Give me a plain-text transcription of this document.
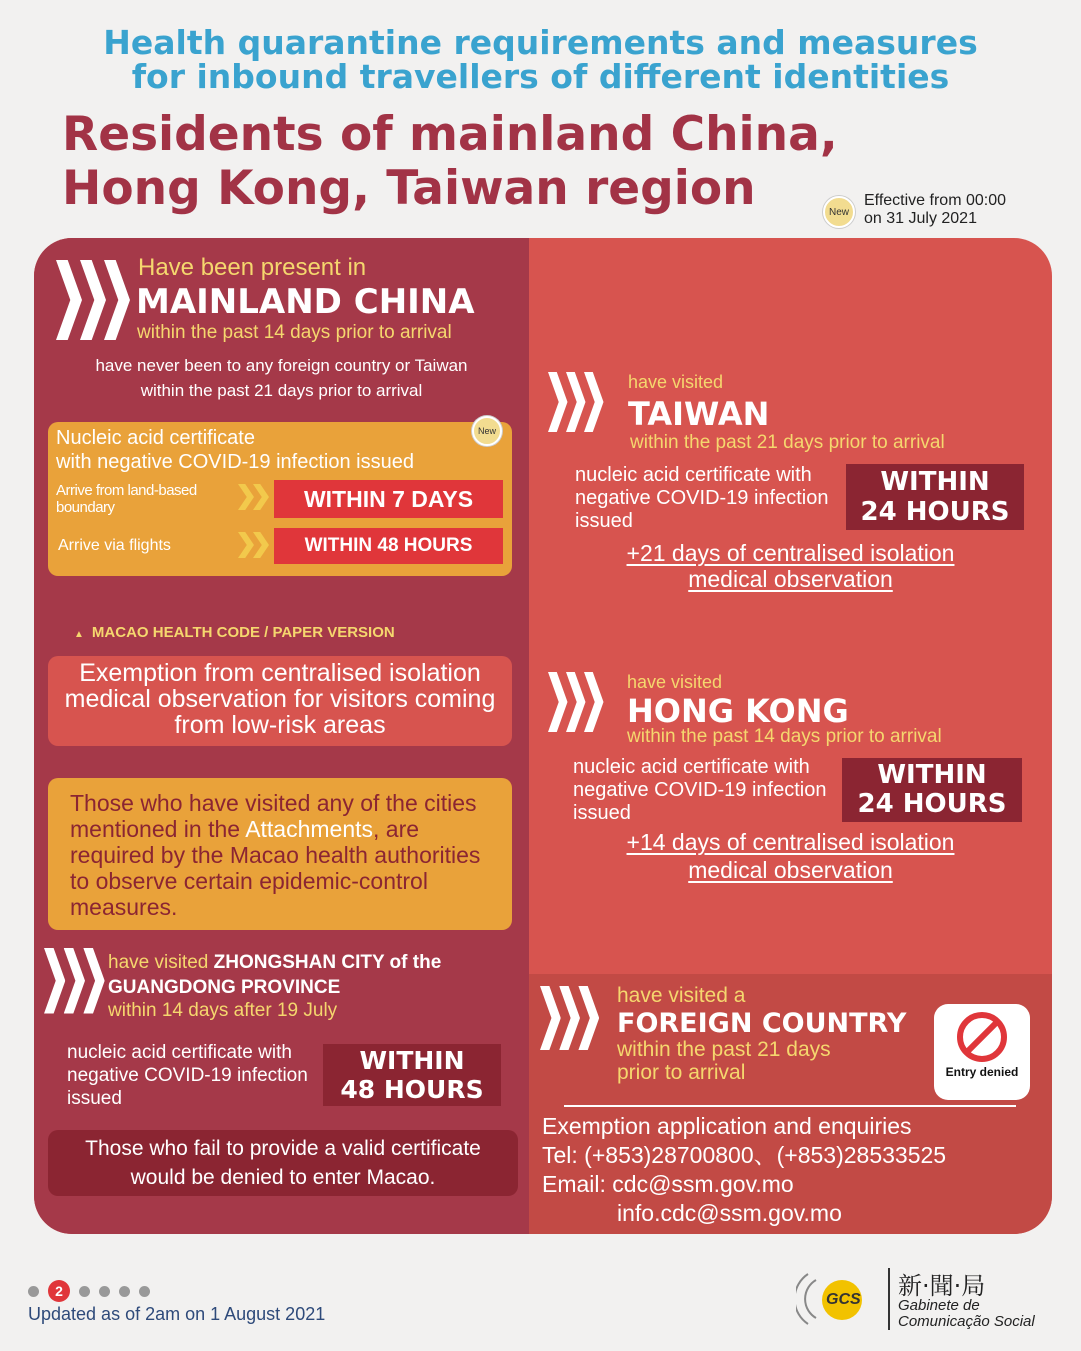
Health quarantine requirements and measures
for inbound travellers of different identities
Residents of mainland China,
Hong Kong, Taiwan region	New
Effective from 00:00
on 31 July 2021
Have been present in
MAINLAND CHINA
within the past 14 days prior to arrival
have never been to any foreign country or Taiwan
within the past 21 days prior to arrival
Nucleic acid certificate
with negative COVID-19 infection issued
New
Arrive from land-based boundary	WITHIN 7 DAYS
Arrive via flights	WITHIN 48 HOURS
▲ MACAO HEALTH CODE / PAPER VERSION
Exemption from centralised isolation medical observation for visitors coming from low-risk areas
Those who have visited any of the cities mentioned in the Attachments, are required by the Macao health authorities to observe certain epidemic-control measures.
have visited ZHONGSHAN CITY of the GUANGDONG PROVINCE
within 14 days after 19 July
nucleic acid certificate with negative COVID-19 infection issued
WITHIN
48 HOURS
Those who fail to provide a valid certificate would be denied to enter Macao.
have visited
TAIWAN
within the past 21 days prior to arrival
nucleic acid certificate with negative COVID-19 infection issued
WITHIN
24 HOURS
+21 days of centralised isolation
medical observation
have visited
HONG KONG
within the past 14 days prior to arrival
nucleic acid certificate with negative COVID-19 infection issued
WITHIN
24 HOURS
+14 days of centralised isolation
medical observation
have visited a
FOREIGN COUNTRY
within the past 21 days
prior to arrival	Entry denied
Exemption application and enquiries
Tel: (+853)28700800、(+853)28533525
Email: cdc@ssm.gov.mo
info.cdc@ssm.gov.mo
2
Updated as of 2am on 1 August 2021
GCS 新·聞·局
Gabinete de
Comunicação Social
